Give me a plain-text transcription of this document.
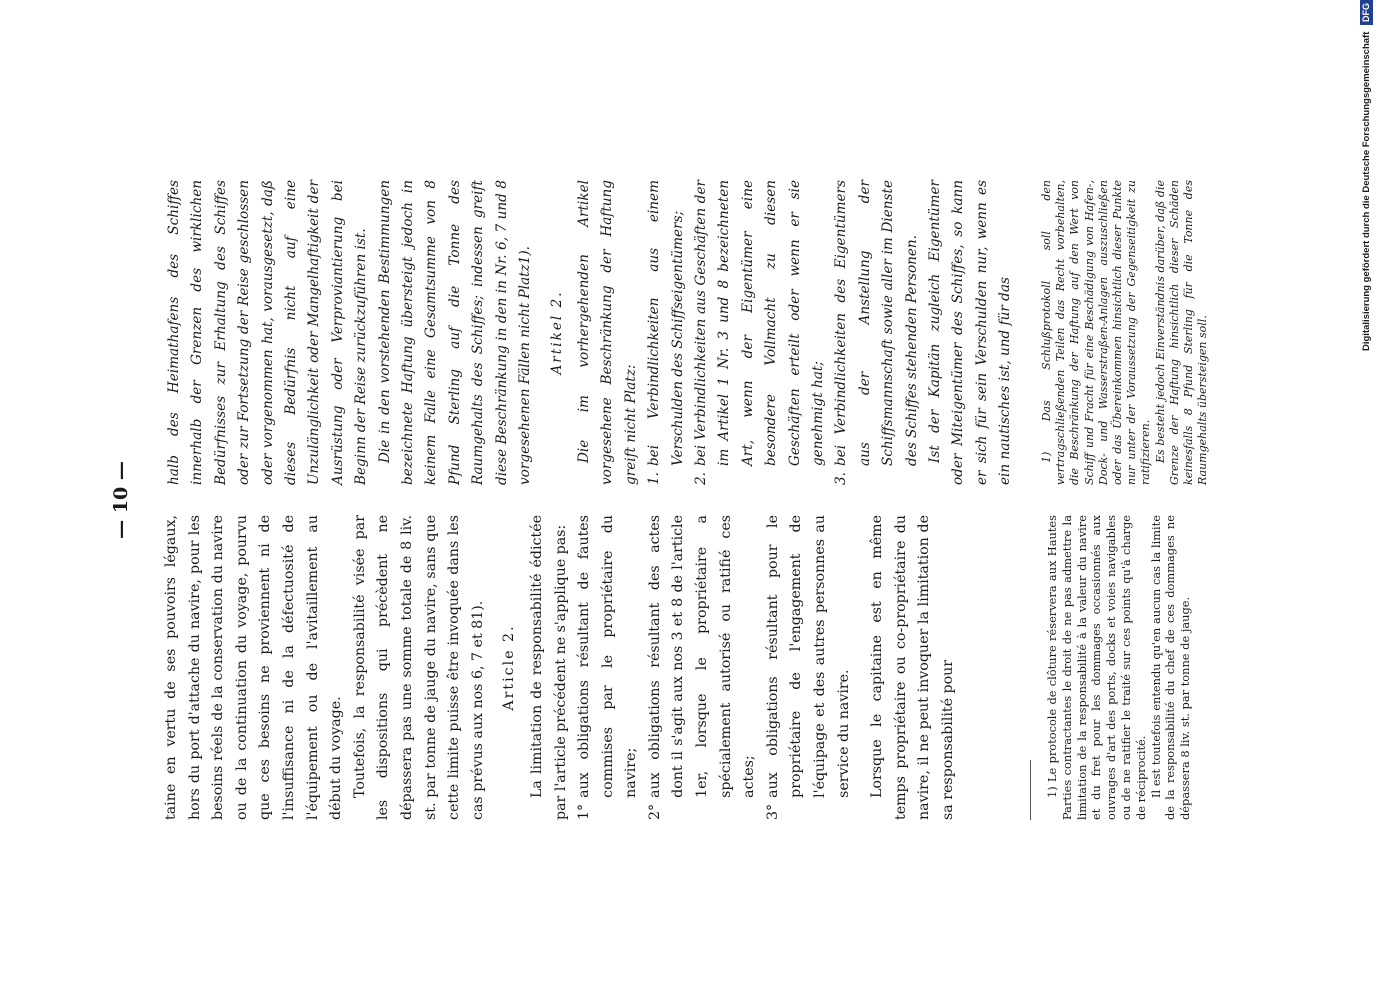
— 10 —

taine en vertu de ses pouvoirs légaux, hors du port d'attache du navire, pour les besoins réels de la conservation du navire ou de la continuation du voyage, pourvu que ces besoins ne proviennent ni de l'insuffisance ni de la défectuosité de l'équipement ou de l'avitaillement au début du voyage. Toutefois, la responsabilité visée par les dispositions qui précèdent ne dépassera pas une somme totale de 8 liv. st. par tonne de jauge du navire, sans que cette limite puisse être invoquée dans les cas prévus aux nos 6, 7 et 81).	Article 2. La limitation de responsabilité édictée par l'article précédent ne s'applique pas: 1°
aux obligations résultant de fautes commises par le propriétaire du navire;
2°
aux obligations résultant des actes dont il s'agit aux nos 3 et 8 de l'article 1er, lorsque le propriétaire a spécialement autorisé ou ratifié ces actes;
3°
aux obligations résultant pour le propriétaire de l'engagement de l'équipage et des autres personnes au service du navire.	Lorsque le capitaine est en même temps propriétaire ou co-propriétaire du navire, il ne peut invoquer la limitation de sa responsabilité pour

halb des Heimathafens des Schiffes innerhalb der Grenzen des wirklichen Bedürfnisses zur Erhaltung des Schiffes oder zur Fortsetzung der Reise geschlossen oder vorgenommen hat, vorausgesetzt, daß dieses Bedürfnis nicht auf eine Unzulänglichkeit oder Mangelhaftigkeit der Ausrüstung oder Verproviantierung bei Beginn der Reise zurückzuführen ist. Die in den vorstehenden Bestimmungen bezeichnete Haftung übersteigt jedoch in keinem Falle eine Gesamtsumme von 8 Pfund Sterling auf die Tonne des Raumgehalts des Schiffes; indessen greift diese Beschränkung in den in Nr. 6, 7 und 8 vorgesehenen Fällen nicht Platz1).	Artikel 2. Die im vorhergehenden Artikel vorgesehene Beschränkung der Haftung greift nicht Platz: 1.
bei Verbindlichkeiten aus einem Verschulden des Schiffseigentümers;
2.
bei Verbindlichkeiten aus Geschäften der im Artikel 1 Nr. 3 und 8 bezeichneten Art, wenn der Eigentümer eine besondere Vollmacht zu diesen Geschäften erteilt oder wenn er sie genehmigt hat;
3.
bei Verbindlichkeiten des Eigentümers aus der Anstellung der Schiffsmannschaft sowie aller im Dienste des Schiffes stehenden Personen. Ist der Kapitän zugleich Eigentümer oder Miteigentümer des Schiffes, so kann er sich für sein Verschulden nur, wenn es ein nautisches ist, und für das

1) Le protocole de clôture réservera aux Hautes Parties contractantes le droit de ne pas admettre la limitation de la responsabilité à la valeur du navire et du fret pour les dommages occasionnés aux ouvrages d'art des ports, docks et voies navigables ou de ne ratifier le traité sur ces points qu'à charge de réciprocité. Il est toutefois entendu qu'en aucun cas la limite de la responsabilité du chef de ces dommages ne dépassera 8 liv. st. par tonne de jauge.

1) Das Schlußprotokoll soll den vertragschließenden Teilen das Recht vorbehalten, die Beschränkung der Haftung auf den Wert von Schiff und Fracht für eine Beschädigung von Hafen-, Dock- und Wasserstraßen-Anlagen auszuschließen oder das Übereinkommen hinsichtlich dieser Punkte nur unter der Voraussetzung der Gegenseitigkeit zu ratifizieren. Es besteht jedoch Einverständnis darüber, daß die Grenze der Haftung hinsichtlich dieser Schäden keinesfalls 8 Pfund Sterling für die Tonne des Raumgehalts übersteigen soll.

Digitalisierung gefördert durch die Deutsche Forschungsgemeinschaft DFG
